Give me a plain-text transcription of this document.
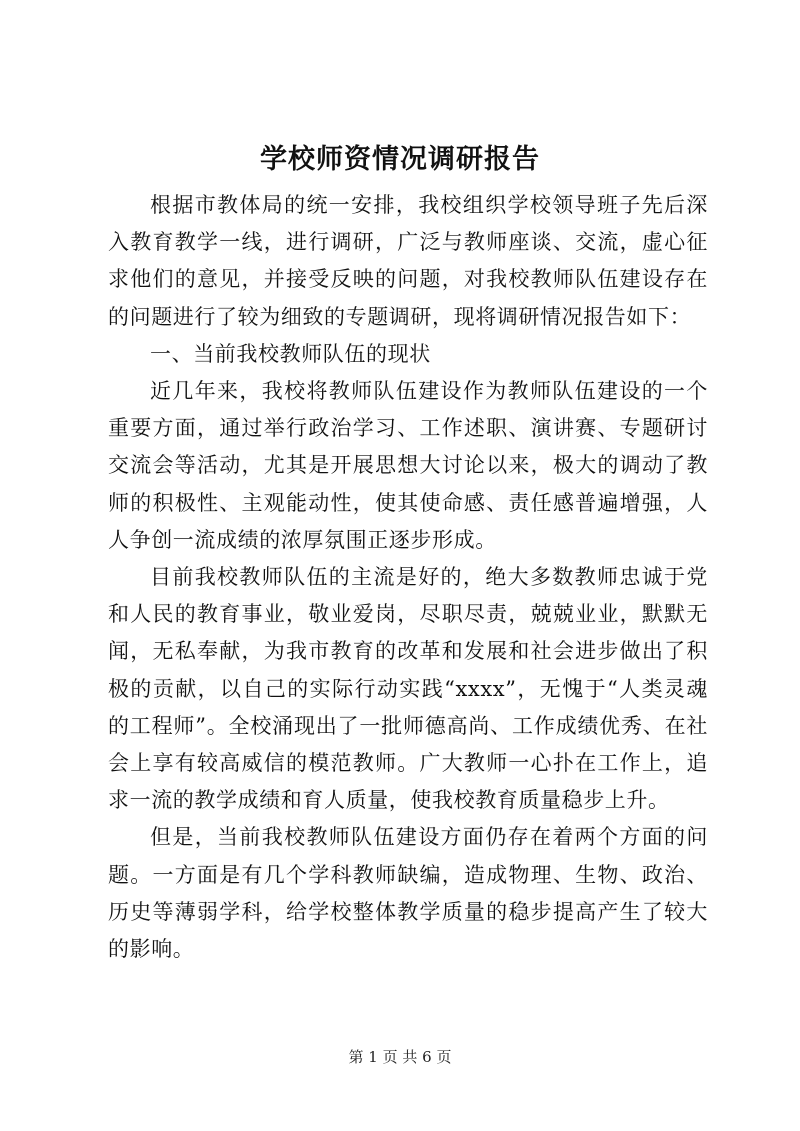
学校师资情况调研报告

根据市教体局的统一安排，我校组织学校领导班子先后深入教育教学一线，进行调研，广泛与教师座谈、交流，虚心征求他们的意见，并接受反映的问题，对我校教师队伍建设存在的问题进行了较为细致的专题调研，现将调研情况报告如下：

一、当前我校教师队伍的现状

近几年来，我校将教师队伍建设作为教师队伍建设的一个重要方面，通过举行政治学习、工作述职、演讲赛、专题研讨交流会等活动，尤其是开展思想大讨论以来，极大的调动了教师的积极性、主观能动性，使其使命感、责任感普遍增强，人人争创一流成绩的浓厚氛围正逐步形成。

目前我校教师队伍的主流是好的，绝大多数教师忠诚于党和人民的教育事业，敬业爱岗，尽职尽责，兢兢业业，默默无闻，无私奉献，为我市教育的改革和发展和社会进步做出了积极的贡献，以自己的实际行动实践“xxxx”，无愧于“人类灵魂的工程师”。全校涌现出了一批师德高尚、工作成绩优秀、在社会上享有较高威信的模范教师。广大教师一心扑在工作上，追求一流的教学成绩和育人质量，使我校教育质量稳步上升。

但是，当前我校教师队伍建设方面仍存在着两个方面的问题。一方面是有几个学科教师缺编，造成物理、生物、政治、历史等薄弱学科，给学校整体教学质量的稳步提高产生了较大的影响。

第 1 页 共 6 页
